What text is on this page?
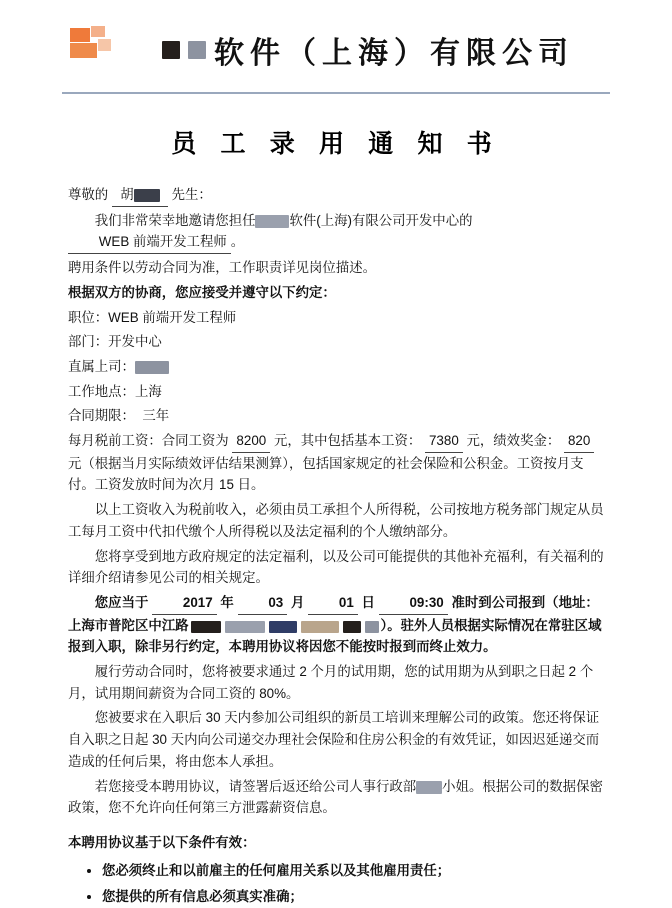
软件（上海）有限公司
员 工 录 用 通 知 书

尊敬的 胡	先生：

我们非常荣幸地邀请您担任	软件(上海)有限公司开发中心的 WEB 前端开发工程师 。

聘用条件以劳动合同为准，工作职责详见岗位描述。

根据双方的协商，您应接受并遵守以下约定：

职位：WEB 前端开发工程师

部门：开发中心

直属上司：

工作地点：上海

合同期限： 三年

每月税前工资：合同工资为 8200 元，其中包括基本工资： 7380 元，绩效奖金： 820 元（根据当月实际绩效评估结果测算），包括国家规定的社会保险和公积金。工资按月支付。工资发放时间为次月 15 日。

以上工资收入为税前收入，必须由员工承担个人所得税，公司按地方税务部门规定从员工每月工资中代扣代缴个人所得税以及法定福利的个人缴纳部分。

您将享受到地方政府规定的法定福利，以及公司可能提供的其他补充福利，有关福利的详细介绍请参见公司的相关规定。

您应当于	2017 年	03 月	01 日	09:30 准时到公司报到（地址：上海市普陀区中江路	）。驻外人员根据实际情况在常驻区域报到入职，除非另行约定，本聘用协议将因您不能按时报到而终止效力。

履行劳动合同时，您将被要求通过 2 个月的试用期，您的试用期为从到职之日起 2 个月，试用期间薪资为合同工资的 80%。

您被要求在入职后 30 天内参加公司组织的新员工培训来理解公司的政策。您还将保证自入职之日起 30 天内向公司递交办理社会保险和住房公积金的有效凭证，如因迟延递交而造成的任何后果，将由您本人承担。

若您接受本聘用协议，请签署后返还给公司人事行政部 小姐。根据公司的数据保密政策，您不允许向任何第三方泄露薪资信息。

本聘用协议基于以下条件有效：

• 您必须终止和以前雇主的任何雇用关系以及其他雇用责任；
• 您提供的所有信息必须真实准确；
